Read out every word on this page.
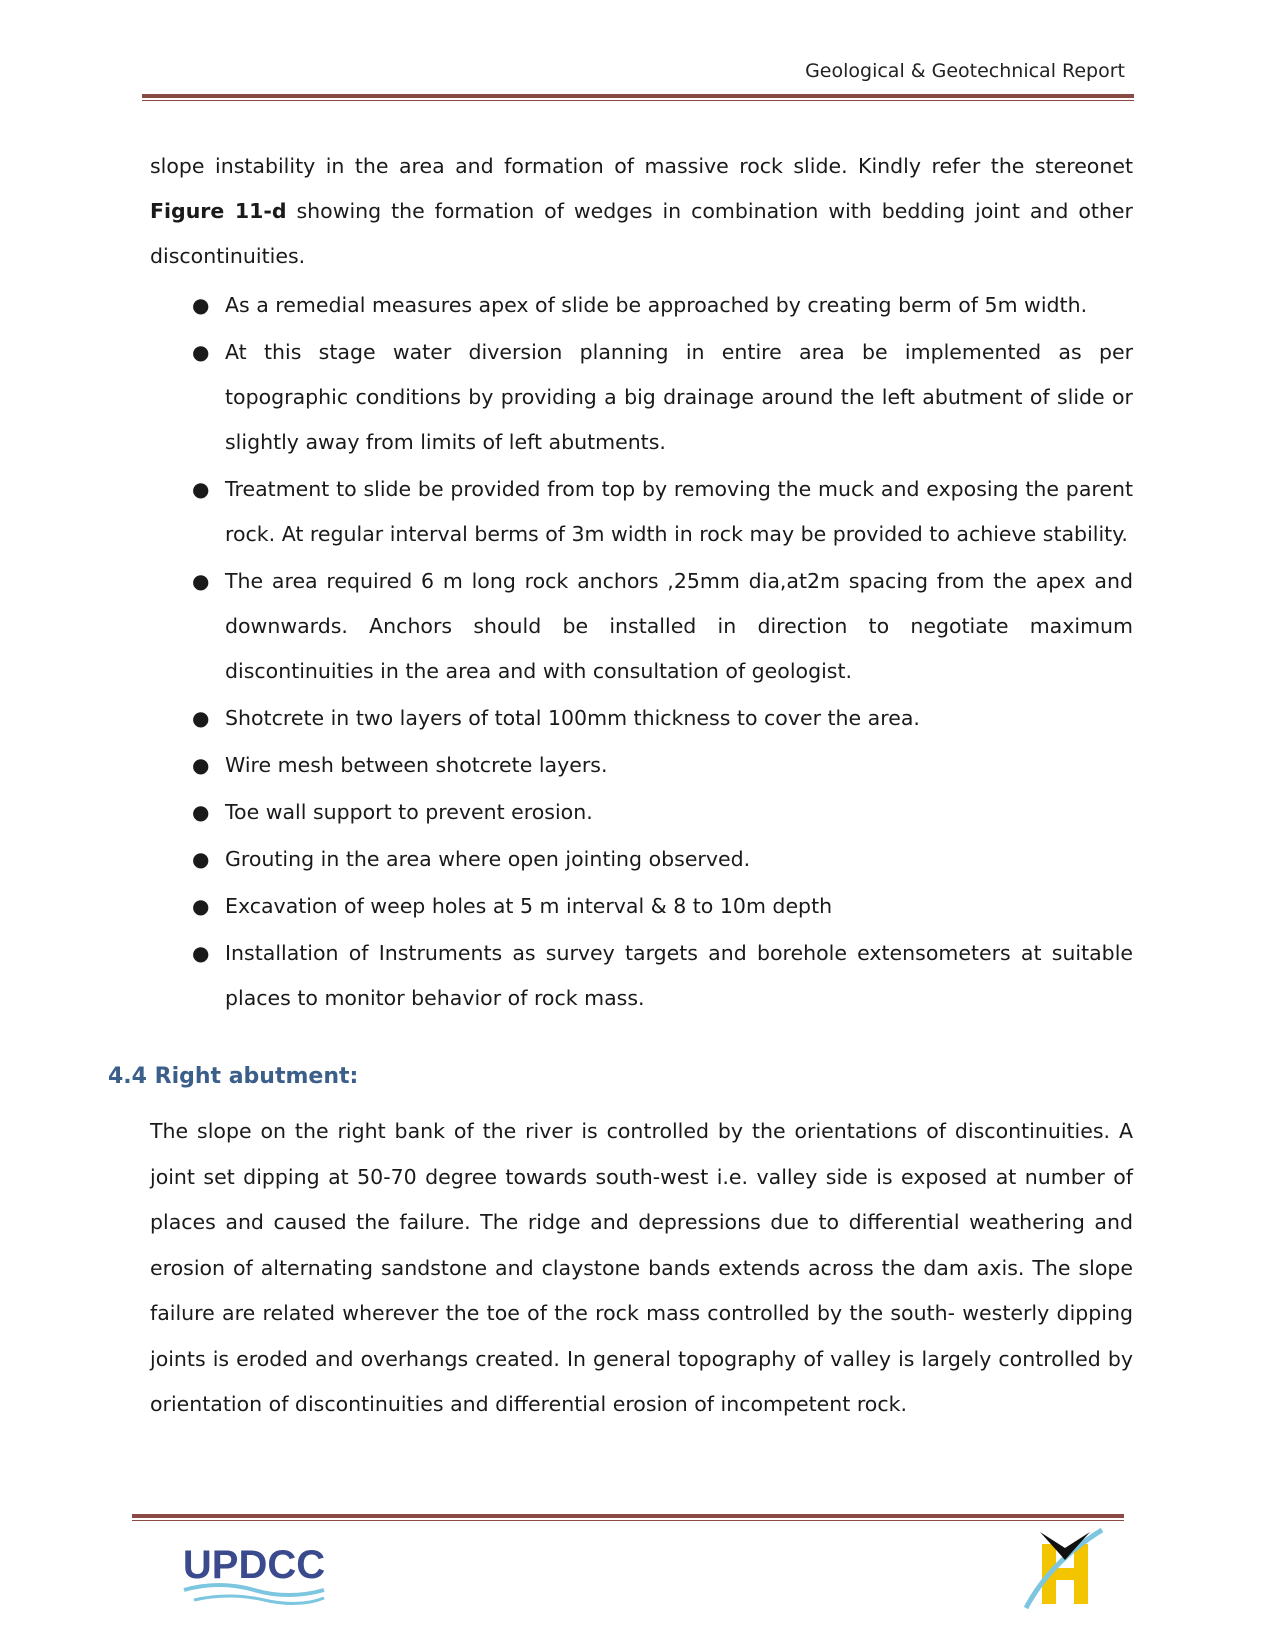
Geological & Geotechnical Report

slope instability in the area and formation of massive rock slide. Kindly refer the stereonet Figure 11-d showing the formation of wedges in combination with bedding joint and other discontinuities.

● As a remedial measures apex of slide be approached by creating berm of 5m width.
● At this stage water diversion planning in entire area be implemented as per topographic conditions by providing a big drainage around the left abutment of slide or slightly away from limits of left abutments.
● Treatment to slide be provided from top by removing the muck and exposing the parent rock. At regular interval berms of 3m width in rock may be provided to achieve stability.
● The area required 6 m long rock anchors ,25mm dia,at2m spacing from the apex and downwards. Anchors should be installed in direction to negotiate maximum discontinuities in the area and with consultation of geologist.
● Shotcrete in two layers of total 100mm thickness to cover the area.
● Wire mesh between shotcrete layers.
● Toe wall support to prevent erosion.
● Grouting in the area where open jointing observed.
● Excavation of weep holes at 5 m interval & 8 to 10m depth
● Installation of Instruments as survey targets and borehole extensometers at suitable places to monitor behavior of rock mass.
4.4 Right abutment:

The slope on the right bank of the river is controlled by the orientations of discontinuities. A joint set dipping at 50-70 degree towards south-west i.e. valley side is exposed at number of places and caused the failure. The ridge and depressions due to differential weathering and erosion of alternating sandstone and claystone bands extends across the dam axis. The slope failure are related wherever the toe of the rock mass controlled by the south- westerly dipping joints is eroded and overhangs created. In general topography of valley is largely controlled by orientation of discontinuities and differential erosion of incompetent rock.

UPDCC
